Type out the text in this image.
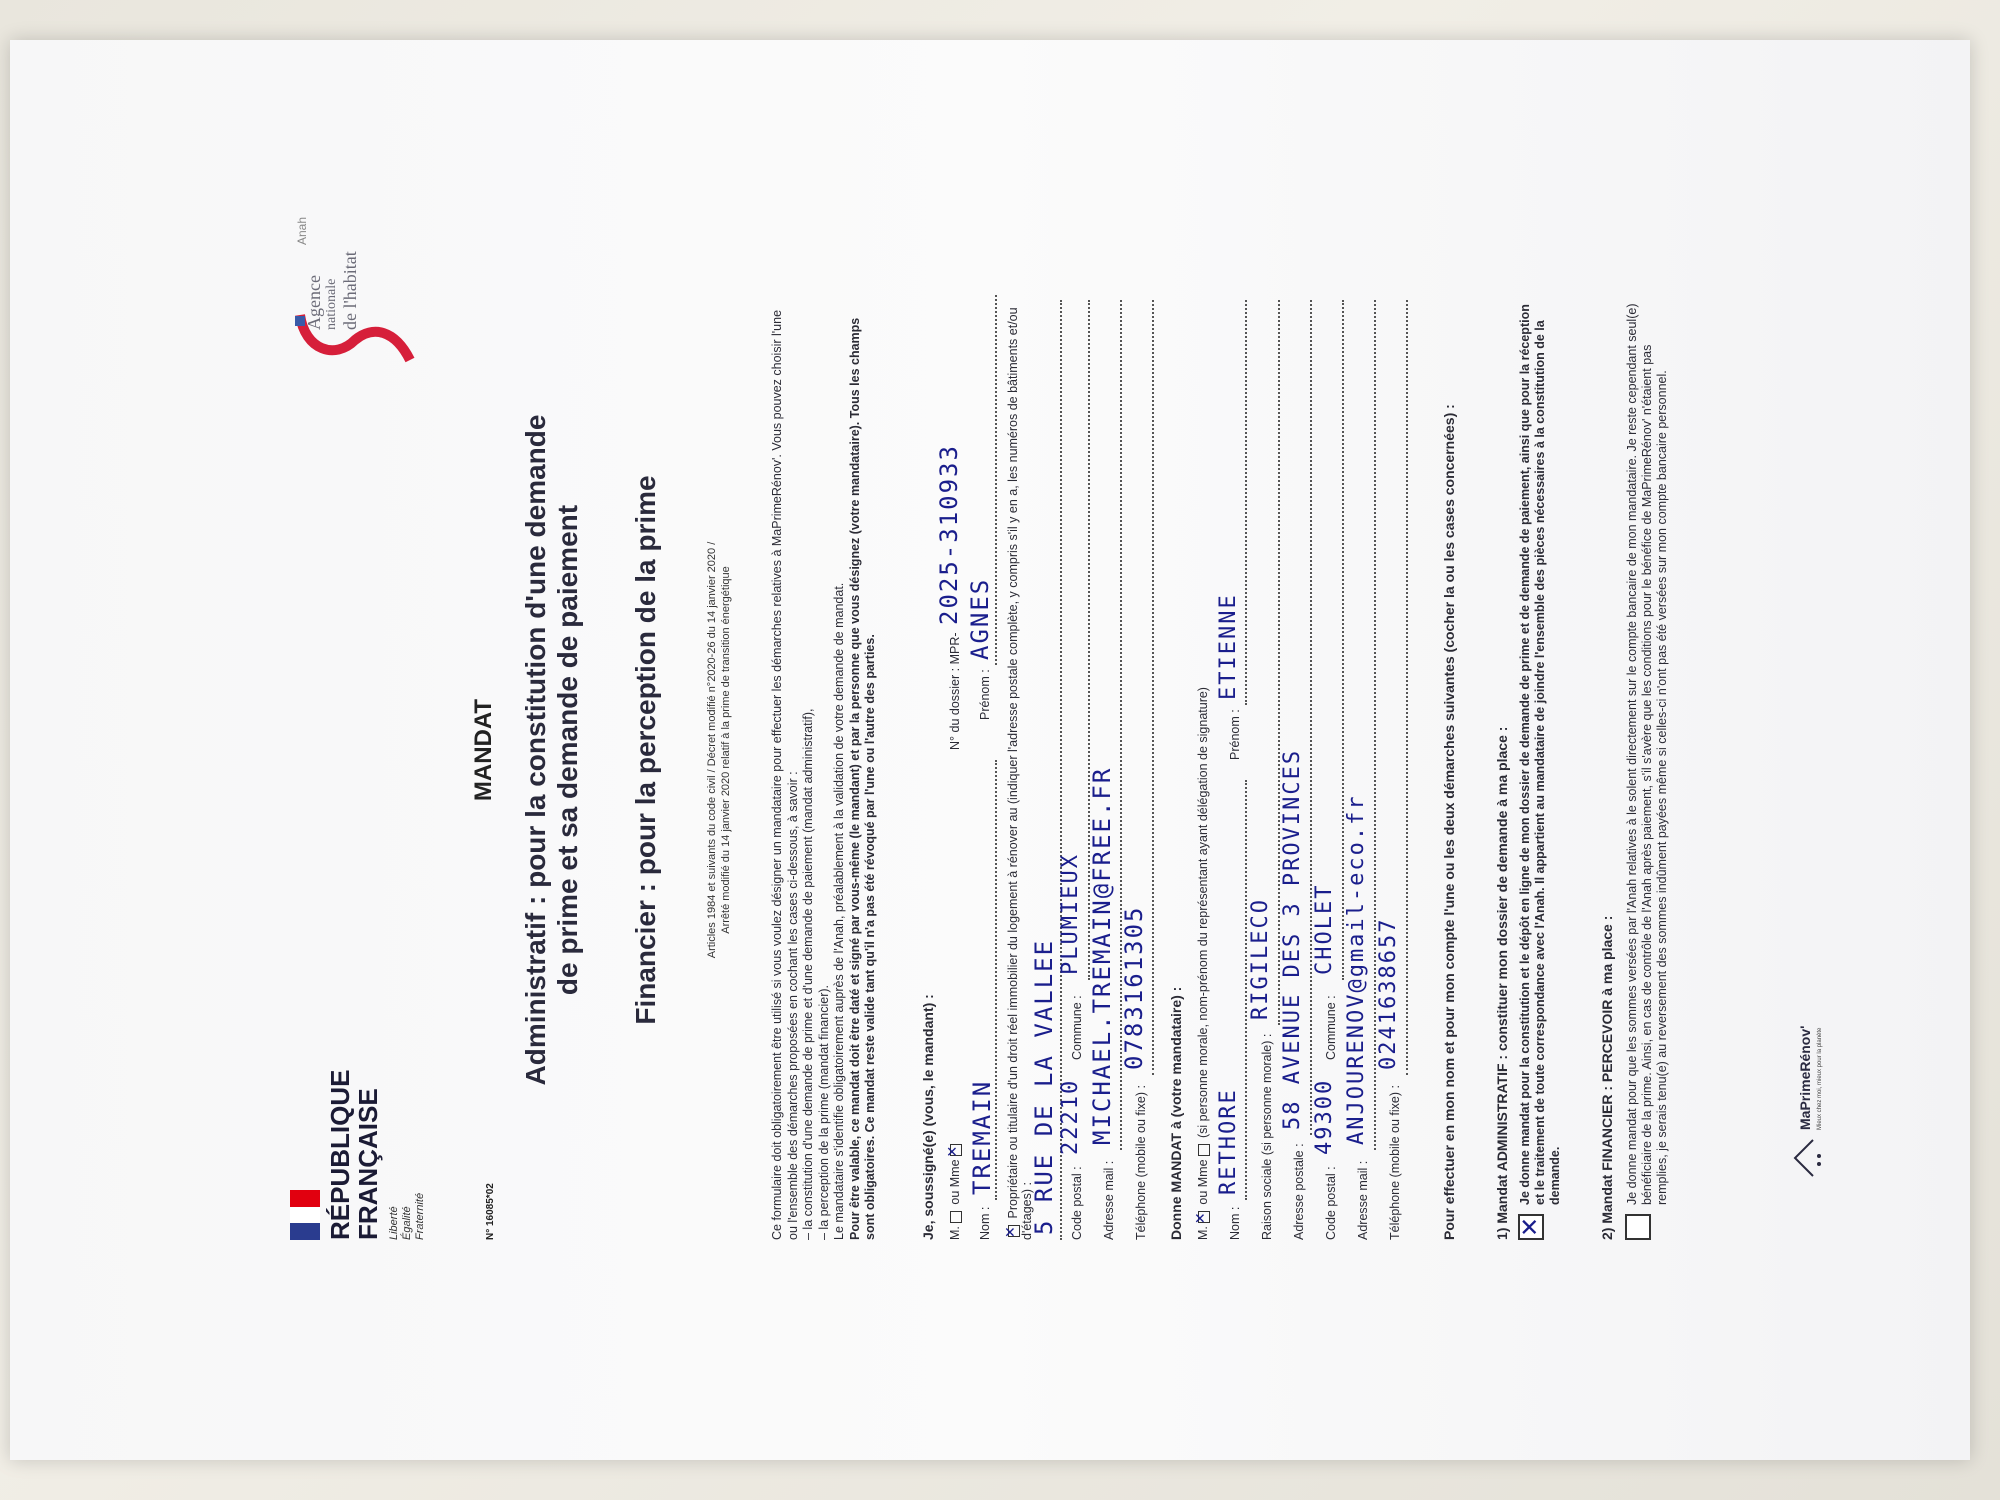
RÉPUBLIQUE
FRANÇAISE Liberté Égalité Fraternité	N° 16085*02
Agence nationale de l'habitat
Anah
MANDAT Administratif : pour la constitution d'une demande de prime et sa demande de paiement Financier : pour la perception de la prime	Articles 1984 et suivants du code civil / Décret modifié n°2020-26 du 14 janvier 2020 / Arrêté modifié du 14 janvier 2020 relatif à la prime de transition énergétique	Ce formulaire doit obligatoirement être utilisé si vous voulez désigner un mandataire pour effectuer les démarches relatives à MaPrimeRénov'. Vous pouvez choisir l'une ou l'ensemble des démarches proposées en cochant les cases ci-dessous, à savoir : – la constitution d'une demande de prime et d'une demande de paiement (mandat administratif), – la perception de la prime (mandat financier). Le mandataire s'identifie obligatoirement auprès de l'Anah, préalablement à la validation de votre demande de mandat. Pour être valable, ce mandat doit être daté et signé par vous-même (le mandant) et par la personne que vous désignez (votre mandataire). Tous les champs sont obligatoires. Ce mandat reste valide tant qu'il n'a pas été révoqué par l'une ou l'autre des parties.	Je, soussigné(e) (vous, le mandant) : M. ou Mme
✕
N° du dossier : MPR-
2025-310933
Nom :
TREMAIN
Prénom :
AGNES
✕
Propriétaire ou titulaire d'un droit réel immobilier du logement à rénover au (indiquer l'adresse postale complète, y compris s'il y en a, les numéros de bâtiments et/ou d'étages) :
5 RUE DE LA VALLEE Code postal :
22210
Commune :
PLUMIEUX
Adresse mail :
MICHAEL.TREMAIN@FREE.FR
Téléphone (mobile ou fixe) :
0783161305 Donne MANDAT à (votre mandataire) : M.
✕
ou Mme (si personne morale, nom-prénom du représentant ayant délégation de signature)
Nom :
RETHORE
Prénom :
ETIENNE
Raison sociale (si personne morale) :
RIGILECO
Adresse postale :
58 AVENUE DES 3 PROVINCES
Code postal :
49300
Commune :
CHOLET
Adresse mail :
ANJOURENOV@gmail-eco.fr
Téléphone (mobile ou fixe) :
0241638657	Pour effectuer en mon nom et pour mon compte l'une ou les deux démarches suivantes (cocher la ou les cases concernées) :	1) Mandat ADMINISTRATIF : constituer mon dossier de demande à ma place : ✕
Je donne mandat pour la constitution et le dépôt en ligne de mon dossier de demande de prime et de demande de paiement, ainsi que pour la réception et le traitement de toute correspondance avec l'Anah. Il appartient au mandataire de joindre l'ensemble des pièces nécessaires à la constitution de la demande.	2) Mandat FINANCIER : PERCEVOIR à ma place : Je donne mandat pour que les sommes versées par l'Anah relatives à le solent directement sur le compte bancaire de mon mandataire. Je reste cependant seul(e) bénéficiaire de la prime. Ainsi, en cas de contrôle de l'Anah après paiement, s'il s'avère que les conditions pour le bénéfice de MaPrimeRénov' n'étaient pas remplies, je serais tenu(e) au reversement des sommes indûment payées même si celles-ci n'ont pas été versées sur mon compte bancaire personnel.	MaPrimeRénov' Mieux chez moi, mieux pour la planète
